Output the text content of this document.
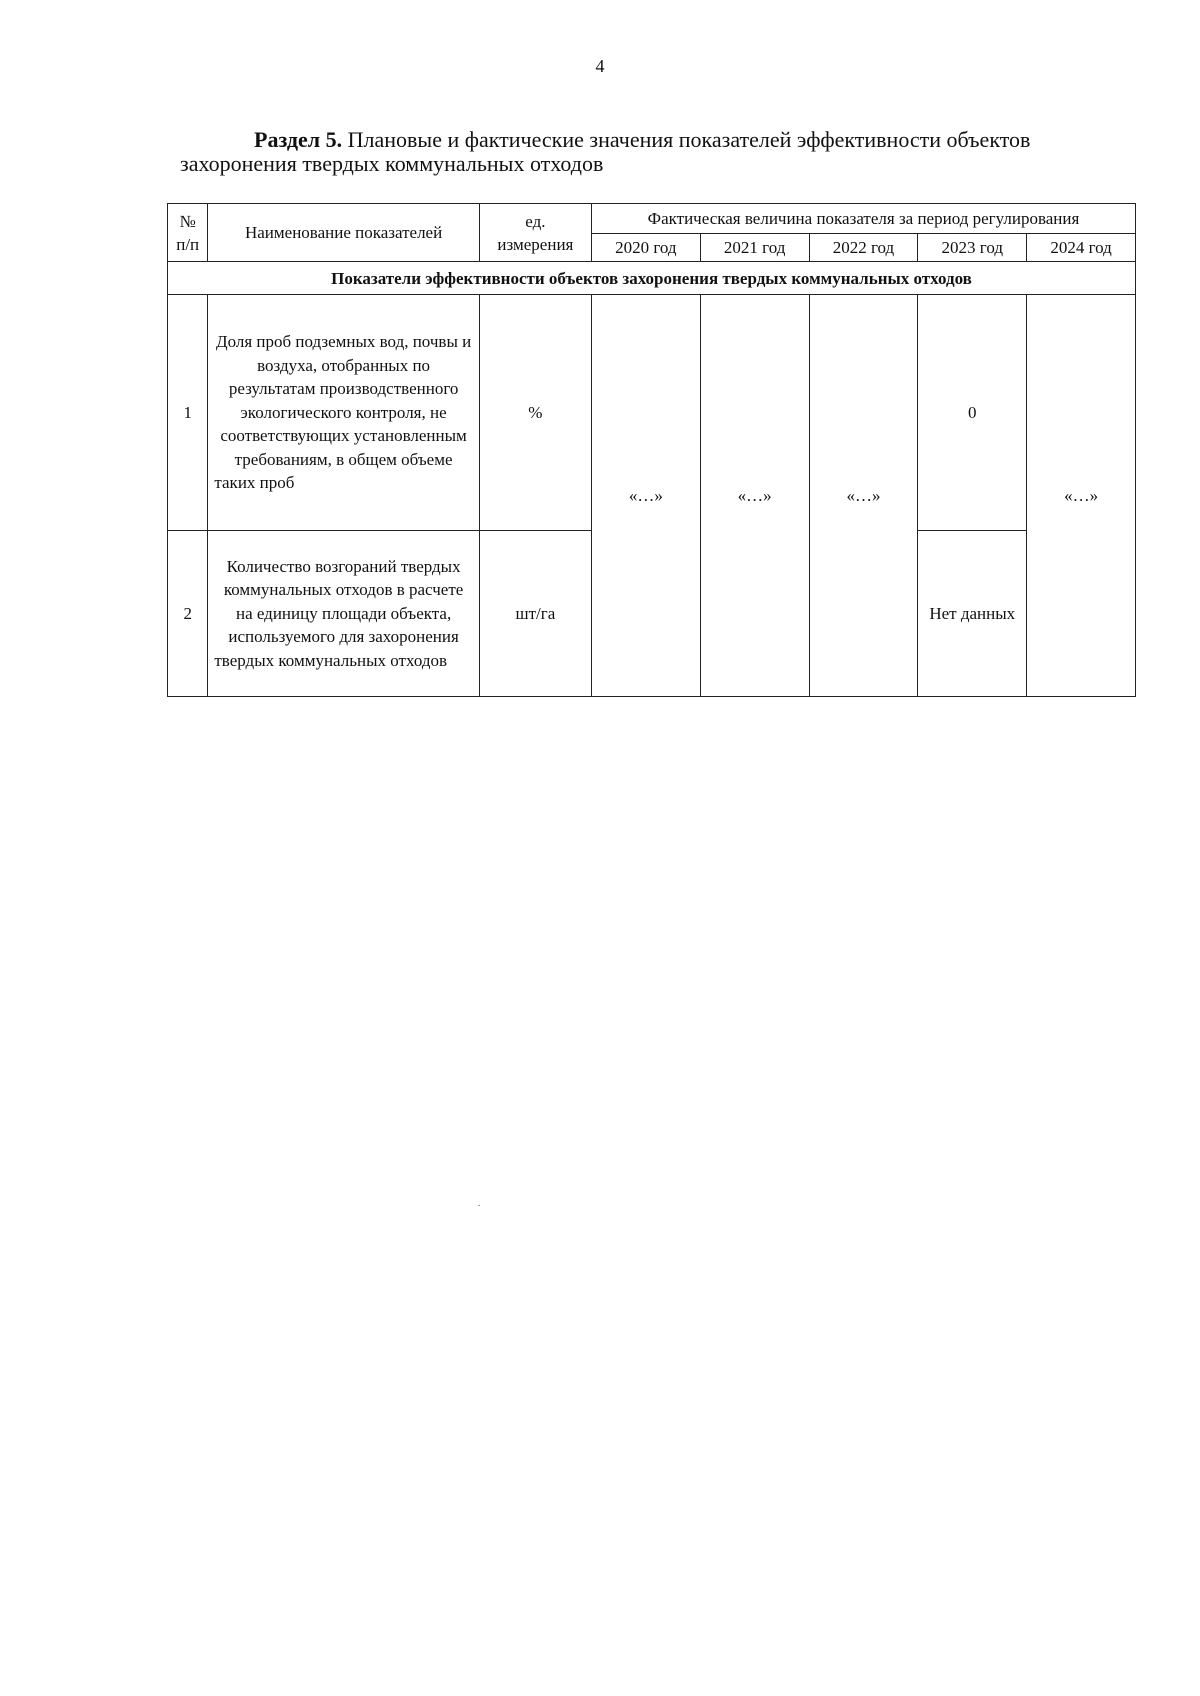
4
Раздел 5. Плановые и фактические значения показателей эффективности объектов захоронения твердых коммунальных отходов
№ п/п	Наименование показателей	ед. измерения	Фактическая величина показателя за период регулирования				
			2020 год	2021 год	2022 год	2023 год	2024 год
Показатели эффективности объектов захоронения твердых коммунальных отходов							
1	Доля проб подземных вод, почвы и воздуха, отобранных по результатам производственного экологического контроля, не соответствующих установленным требованиям, в общем объеме таких проб	%	«…»	«…»	«…»	0	«…»
2	Количество возгораний твердых коммунальных отходов в расчете на единицу площади объекта, используемого для захоронения твердых коммунальных отходов	шт/га				Нет данных	
